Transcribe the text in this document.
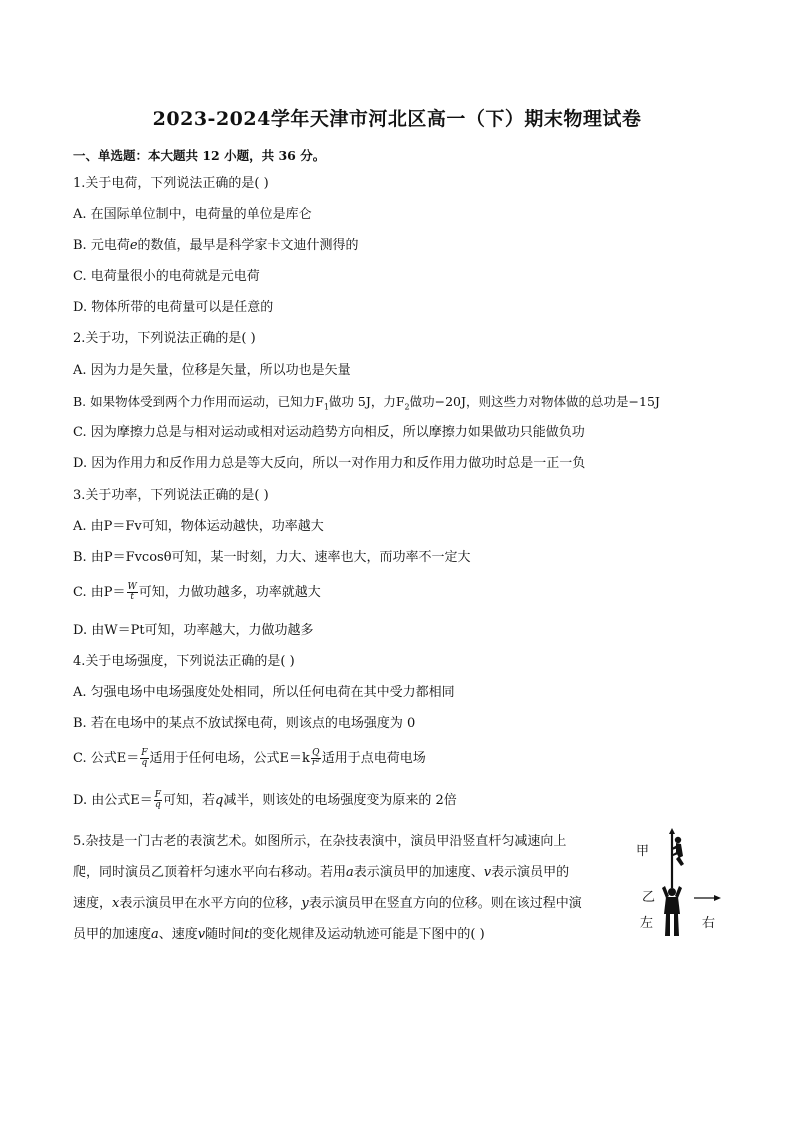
2023-2024学年天津市河北区高一（下）期末物理试卷
一、单选题：本大题共 12 小题，共 36 分。
1.关于电荷，下列说法正确的是( )
A. 在国际单位制中，电荷量的单位是库仑
B. 元电荷e的数值，最早是科学家卡文迪什测得的
C. 电荷量很小的电荷就是元电荷
D. 物体所带的电荷量可以是任意的
2.关于功，下列说法正确的是( )
A. 因为力是矢量，位移是矢量，所以功也是矢量
B. 如果物体受到两个力作用而运动，已知力$F_1$做功 5J，力$F_2$做功−20J，则这些力对物体做的总功是−15J
C. 因为摩擦力总是与相对运动或相对运动趋势方向相反，所以摩擦力如果做功只能做负功
D. 因为作用力和反作用力总是等大反向，所以一对作用力和反作用力做功时总是一正一负
3.关于功率，下列说法正确的是( )
A. 由P＝Fv可知，物体运动越快，功率越大
B. 由P＝Fvcosθ可知，某一时刻，力大、速率也大，而功率不一定大
C. 由$P= \frac{W}{t}$ 可知，力做功越多，功率就越大
D. 由W＝Pt可知，功率越大，力做功越多
4.关于电场强度，下列说法正确的是( )
A. 匀强电场中电场强度处处相同，所以任何电荷在其中受力都相同
B. 若在电场中的某点不放试探电荷，则该点的电场强度为 0
C. 公式$E= \frac{F}{q}$ 适用于任何电场，公式$E=k \frac{Q}{\text{r²}}$ 适用于点电荷电场
D. 由公式$E= \frac{F}{q}$ 可知，若q减半，则该处的电场强度变为原来的 2倍
5.杂技是一门古老的表演艺术。如图所示，在杂技表演中，演员甲沿竖直杆匀减速向上
爬，同时演员乙顶着杆匀速水平向右移动。若用a表示演员甲的加速度、v表示演员甲的
速度，x表示演员甲在水平方向的位移，y表示演员甲在竖直方向的位移。则在该过程中演
员甲的加速度a、速度v随时间t的变化规律及运动轨迹可能是下图中的( )
甲
乙
左	右
